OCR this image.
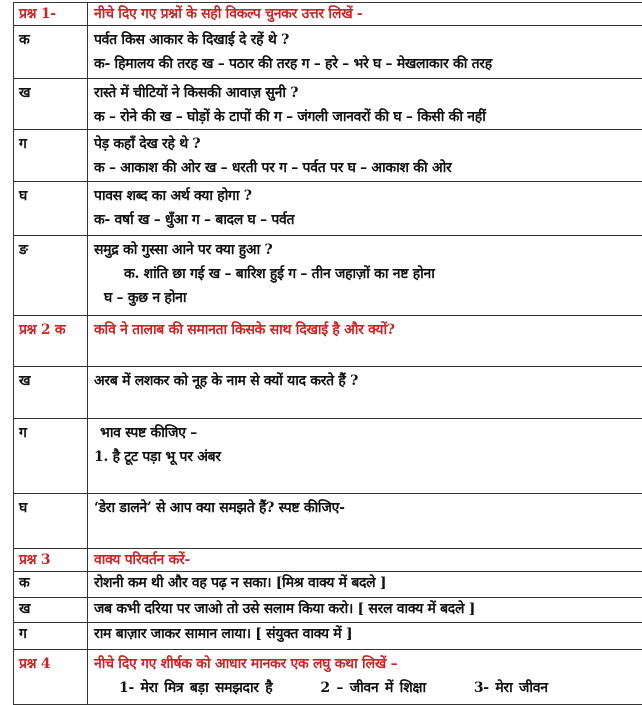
प्रश्न 1-	नीचे दिए गए प्रश्नों के सही विकल्प चुनकर उत्तर लिखें -
क	पर्वत किस आकार के दिखाई दे रहें थे ?
क- हिमालय की तरह ख – पठार की तरह ग – हरे – भरे घ – मेखलाकार की तरह

ख	रास्ते में चीटियों ने किसकी आवाज़ सुनी ?
क – रोने की ख – घोड़ों के टापों की ग – जंगली जानवरों की घ – किसी की नहीं

ग	पेड़ कहाँ देख रहे थे ?
क – आकाश की ओर ख – धरती पर ग – पर्वत पर घ – आकाश की ओर

घ	पावस शब्द का अर्थ क्या होगा ?
क- वर्षा ख – धुँआ ग – बादल घ – पर्वत

ङ	समुद्र को गुस्सा आने पर क्या हुआ ?
क. शांति छा गई ख – बारिश हुई ग – तीन जहाज़ों का नष्ट होना
घ – कुछ न होना

प्रश्न 2 क	कवि ने तालाब की समानता किसके साथ दिखाई है और क्यों?
ख	अरब में लशकर को नूह के नाम से क्यों याद करते हैं ?
ग	भाव स्पष्ट कीजिए –
1. है टूट पड़ा भू पर अंबर

घ	‘डेरा डालने’ से आप क्या समझते हैं? स्पष्ट कीजिए-
प्रश्न 3	वाक्य परिवर्तन करें-
क	रोशनी कम थी और वह पढ़ न सका। [मिश्र वाक्य में बदले ]
ख	जब कभी दरिया पर जाओ तो उसे सलाम किया करो। [ सरल वाक्य में बदले ]
ग	राम बाज़ार जाकर सामान लाया। [ संयुक्त वाक्य में ]
प्रश्न 4	नीचे दिए गए शीर्षक को आधार मानकर एक लघु कथा लिखें –
1- मेरा मित्र बड़ा समझदार है 2 – जीवन में शिक्षा 3- मेरा जीवन
